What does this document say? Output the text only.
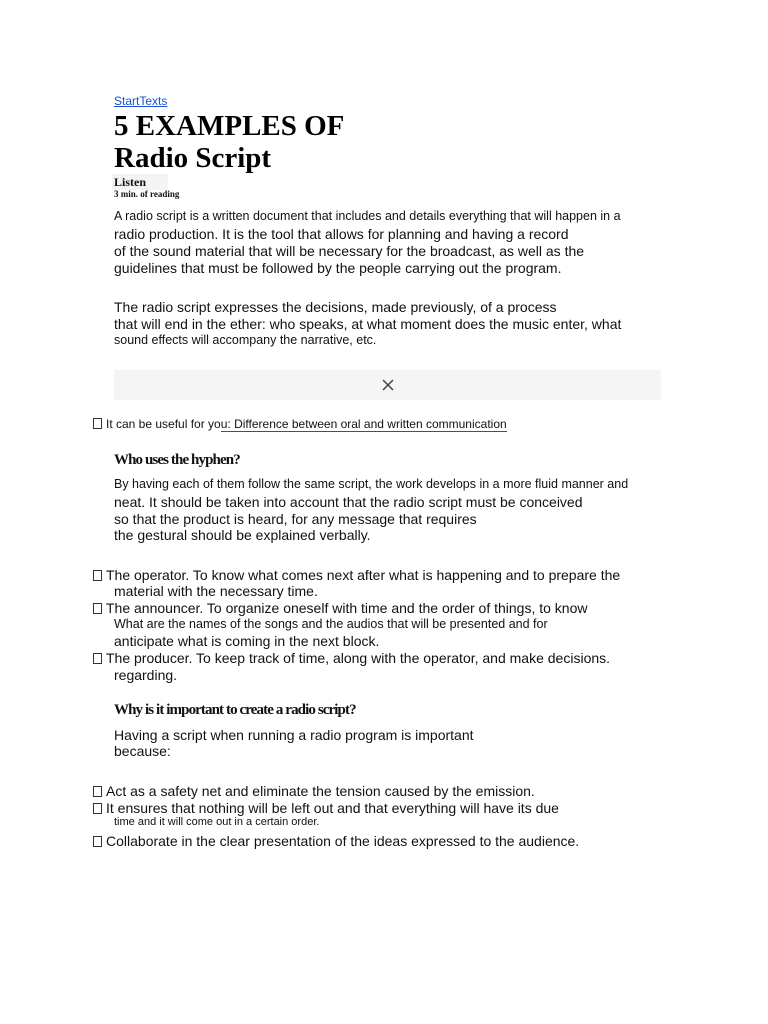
StartTexts
5 EXAMPLES OF
Radio Script
Listen
3 min. of reading
A radio script is a written document that includes and details everything that will happen in a
radio production. It is the tool that allows for planning and having a record
of the sound material that will be necessary for the broadcast, as well as the
guidelines that must be followed by the people carrying out the program.
The radio script expresses the decisions, made previously, of a process
that will end in the ether: who speaks, at what moment does the music enter, what
sound effects will accompany the narrative, etc.
It can be useful for you: Difference between oral and written communication
Who uses the hyphen?
By having each of them follow the same script, the work develops in a more fluid manner and
neat. It should be taken into account that the radio script must be conceived
so that the product is heard, for any message that requires
the gestural should be explained verbally.
The operator. To know what comes next after what is happening and to prepare the
material with the necessary time.
The announcer. To organize oneself with time and the order of things, to know
What are the names of the songs and the audios that will be presented and for
anticipate what is coming in the next block.
The producer. To keep track of time, along with the operator, and make decisions.
regarding.
Why is it important to create a radio script?
Having a script when running a radio program is important
because:
Act as a safety net and eliminate the tension caused by the emission.
It ensures that nothing will be left out and that everything will have its due
time and it will come out in a certain order.
Collaborate in the clear presentation of the ideas expressed to the audience.
